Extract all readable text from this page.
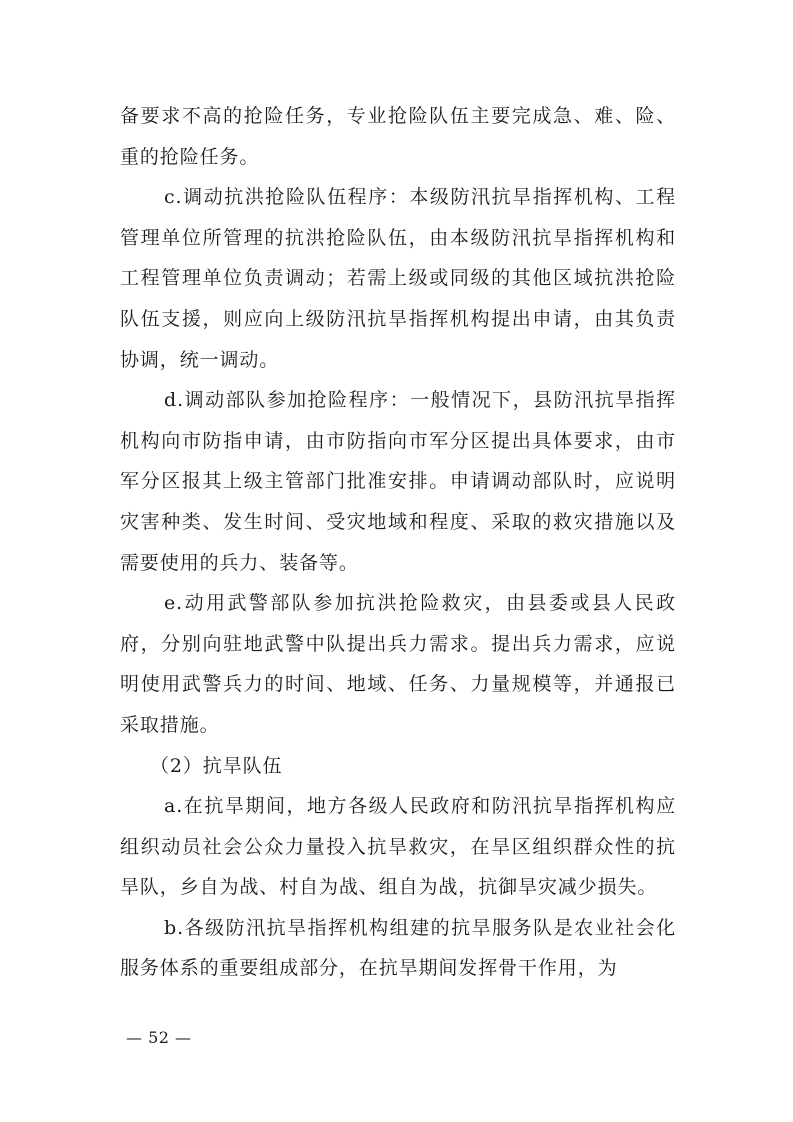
备要求不高的抢险任务，专业抢险队伍主要完成急、难、险、重的抢险任务。

c.调动抗洪抢险队伍程序：本级防汛抗旱指挥机构、工程管理单位所管理的抗洪抢险队伍，由本级防汛抗旱指挥机构和工程管理单位负责调动；若需上级或同级的其他区域抗洪抢险队伍支援，则应向上级防汛抗旱指挥机构提出申请，由其负责协调，统一调动。

d.调动部队参加抢险程序：一般情况下，县防汛抗旱指挥机构向市防指申请，由市防指向市军分区提出具体要求，由市军分区报其上级主管部门批准安排。申请调动部队时，应说明灾害种类、发生时间、受灾地域和程度、采取的救灾措施以及需要使用的兵力、装备等。

e.动用武警部队参加抗洪抢险救灾，由县委或县人民政府，分别向驻地武警中队提出兵力需求。提出兵力需求，应说明使用武警兵力的时间、地域、任务、力量规模等，并通报已采取措施。

（2）抗旱队伍

a.在抗旱期间，地方各级人民政府和防汛抗旱指挥机构应组织动员社会公众力量投入抗旱救灾，在旱区组织群众性的抗旱队，乡自为战、村自为战、组自为战，抗御旱灾减少损失。

b.各级防汛抗旱指挥机构组建的抗旱服务队是农业社会化服务体系的重要组成部分，在抗旱期间发挥骨干作用，为

— 52 —
